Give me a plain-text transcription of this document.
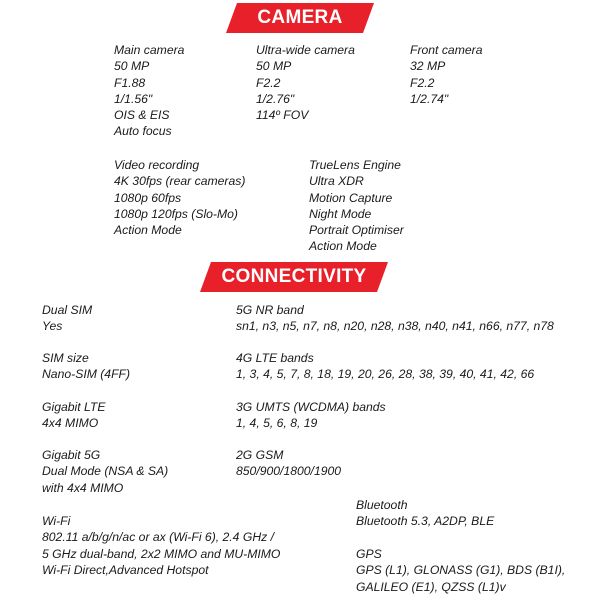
CAMERA
Main camera
50 MP
F1.88
1/1.56"
OIS & EIS
Auto focus
Ultra-wide camera
50 MP
F2.2
1/2.76"
114º FOV
Front camera
32 MP
F2.2
1/2.74"
Video recording
4K 30fps (rear cameras)
1080p 60fps
1080p 120fps (Slo-Mo)
Action Mode
TrueLens Engine
Ultra XDR
Motion Capture
Night Mode
Portrait Optimiser
Action Mode
CONNECTIVITY
Dual SIM
Yes
SIM size
Nano-SIM (4FF)
Gigabit LTE
4x4 MIMO
Gigabit 5G
Dual Mode (NSA & SA)
with 4x4 MIMO
Wi-Fi
802.11 a/b/g/n/ac or ax (Wi-Fi 6), 2.4 GHz /
5 GHz dual-band, 2x2 MIMO and MU-MIMO
Wi-Fi Direct,Advanced Hotspot
5G NR band
sn1, n3, n5, n7, n8, n20, n28, n38, n40, n41, n66, n77, n78
4G LTE bands
1, 3, 4, 5, 7, 8, 18, 19, 20, 26, 28, 38, 39, 40, 41, 42, 66
3G UMTS (WCDMA) bands
1, 4, 5, 6, 8, 19
2G GSM
850/900/1800/1900
Bluetooth
Bluetooth 5.3, A2DP, BLE
GPS
GPS (L1), GLONASS (G1), BDS (B1I),
GALILEO (E1), QZSS (L1)v
